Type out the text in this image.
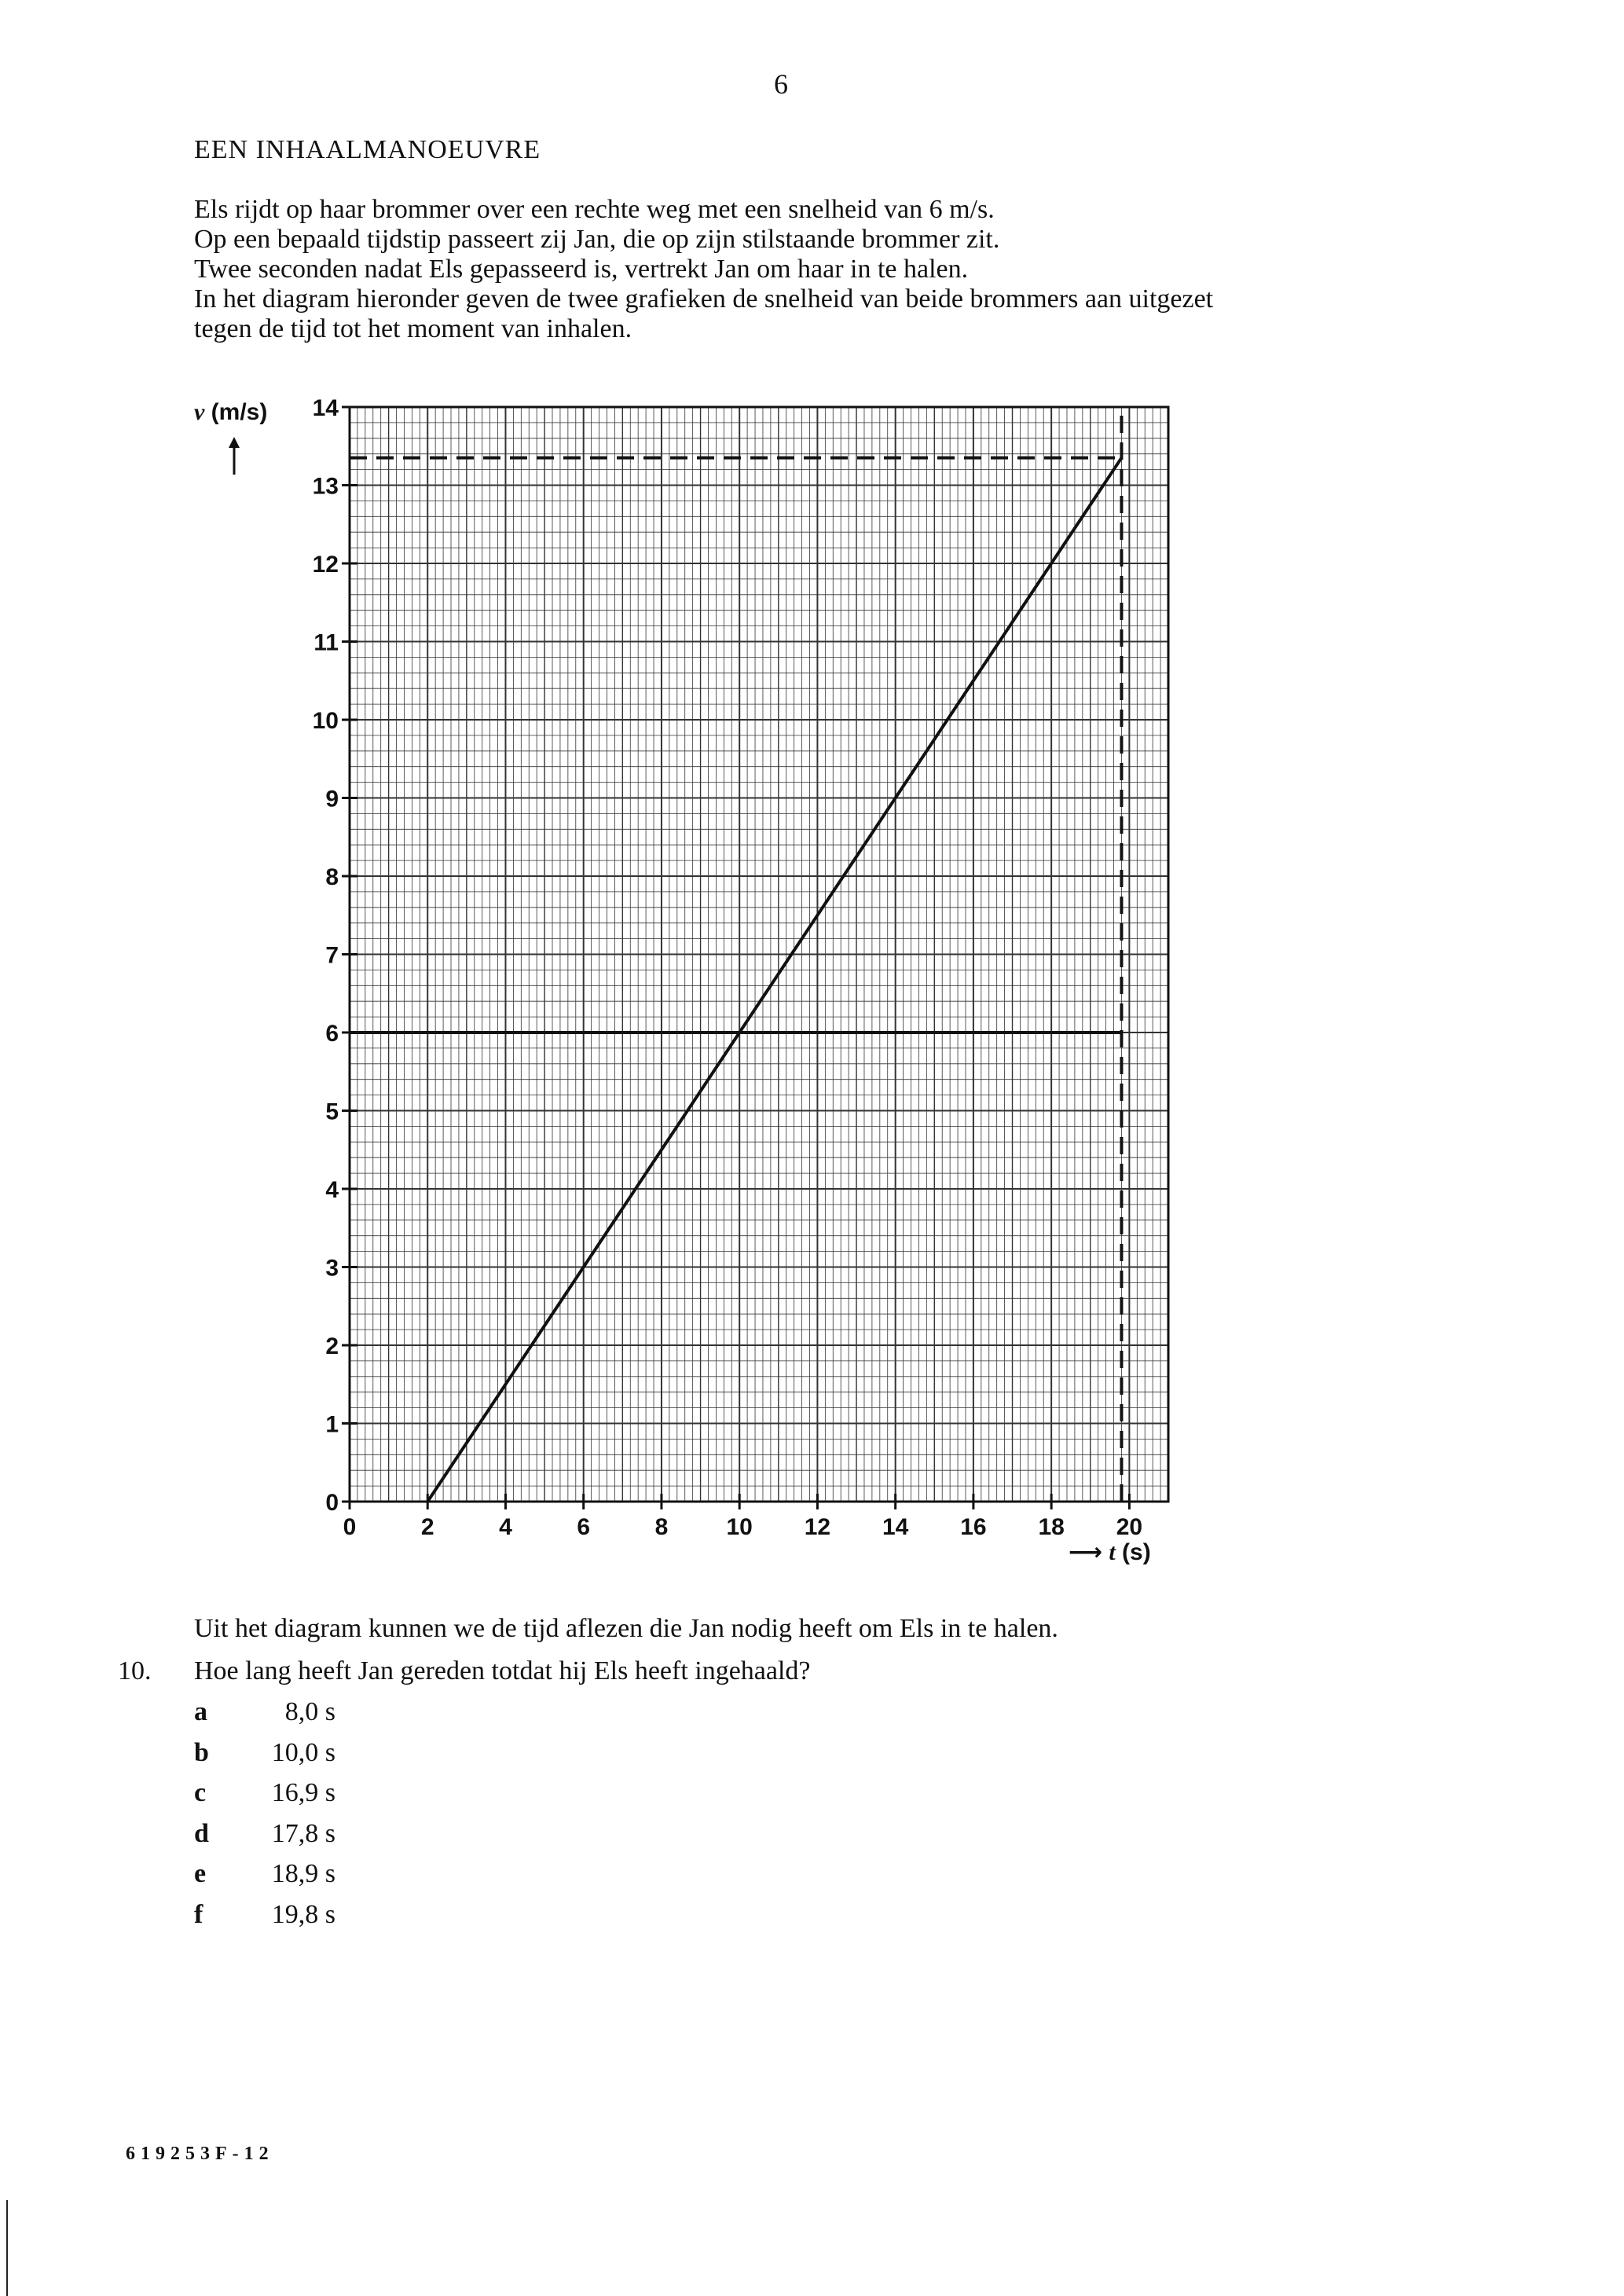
6
EEN INHAALMANOEUVRE
Els rijdt op haar brommer over een rechte weg met een snelheid van 6 m/s.
Op een bepaald tijdstip passeert zij Jan, die op zijn stilstaande brommer zit.
Twee seconden nadat Els gepasseerd is, vertrekt Jan om haar in te halen.
In het diagram hieronder geven de twee grafieken de snelheid van beide brommers aan uitgezet
tegen de tijd tot het moment van inhalen.
v (m/s)
0
1
2
3
4
5
6
7
8
9
10
11
12
13
14
0	2	4	6	8 10 12 14 16 18 20
⟶ t (s)
Uit het diagram kunnen we de tijd aflezen die Jan nodig heeft om Els in te halen.
10. Hoe lang heeft Jan gereden totdat hij Els heeft ingehaald?
a	8,0 s
b	10,0 s
c	16,9 s
d	17,8 s
e	18,9 s
f	19,8 s
619253F-12
